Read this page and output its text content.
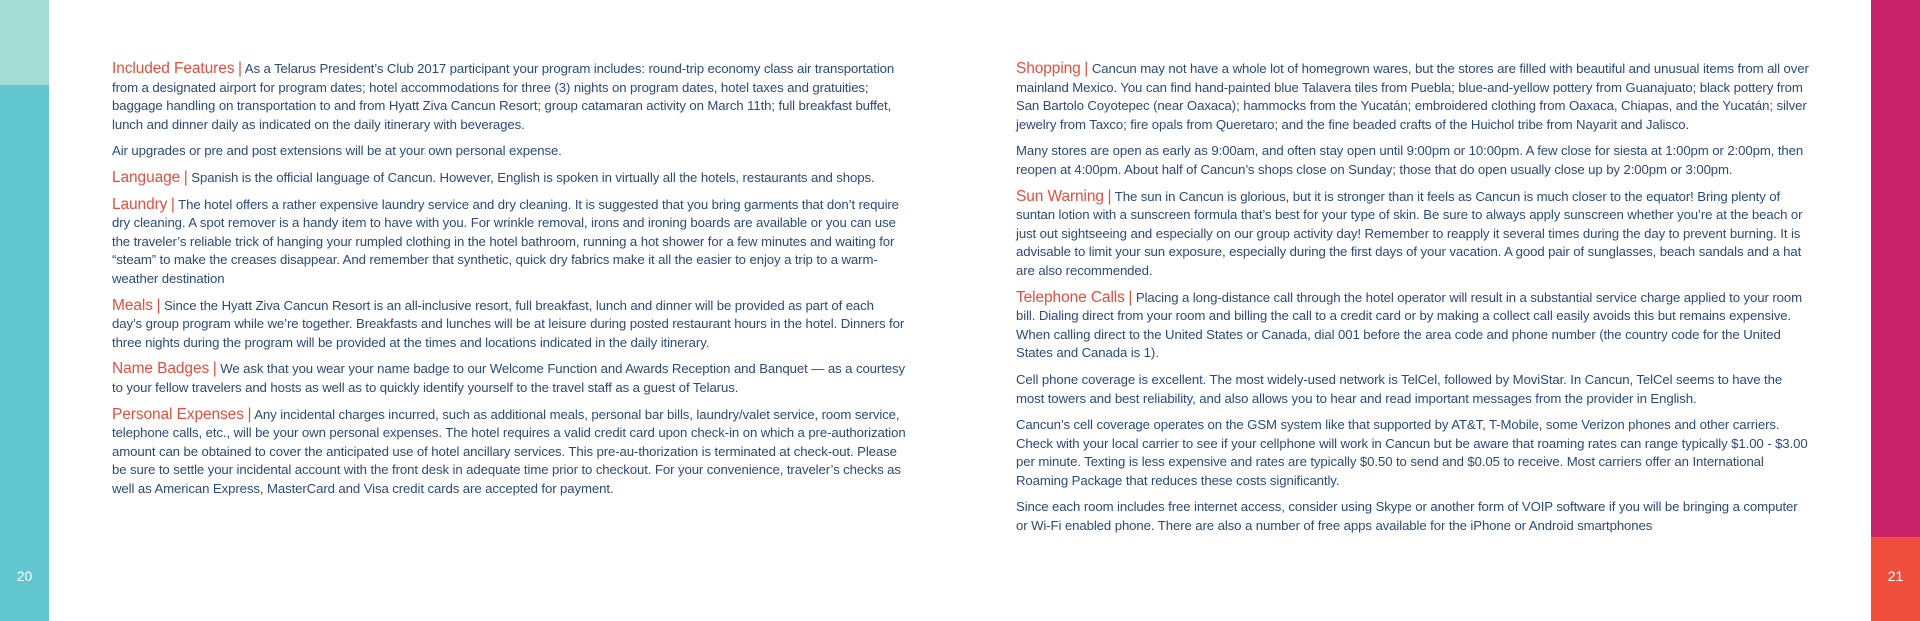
20	21

Included Features | As a Telarus President’s Club 2017 participant your program includes: round-trip economy class air transportation from a designated airport for program dates; hotel accommodations for three (3) nights on program dates, hotel taxes and gratuities; baggage handling on transportation to and from Hyatt Ziva Cancun Resort; group catamaran activity on March 11th; full breakfast buffet, lunch and dinner daily as indicated on the daily itinerary with beverages.

Air upgrades or pre and post extensions will be at your own personal expense.

Language | Spanish is the official language of Cancun. However, English is spoken in virtually all the hotels, restaurants and shops.

Laundry | The hotel offers a rather expensive laundry service and dry cleaning. It is suggested that you bring garments that don’t require dry cleaning. A spot remover is a handy item to have with you. For wrinkle removal, irons and ironing boards are available or you can use the traveler’s reliable trick of hanging your rumpled clothing in the hotel bathroom, running a hot shower for a few minutes and waiting for “steam” to make the creases disappear. And remember that synthetic, quick dry fabrics make it all the easier to enjoy a trip to a warm-weather destination

Meals | Since the Hyatt Ziva Cancun Resort is an all-inclusive resort, full breakfast, lunch and dinner will be provided as part of each day’s group program while we’re together. Breakfasts and lunches will be at leisure during posted restaurant hours in the hotel. Dinners for three nights during the program will be provided at the times and locations indicated in the daily itinerary.

Name Badges | We ask that you wear your name badge to our Welcome Function and Awards Reception and Banquet — as a courtesy to your fellow travelers and hosts as well as to quickly identify yourself to the travel staff as a guest of Telarus.

Personal Expenses | Any incidental charges incurred, such as additional meals, personal bar bills, laundry/valet service, room service, telephone calls, etc., will be your own personal expenses. The hotel requires a valid credit card upon check-in on which a pre-authorization amount can be obtained to cover the anticipated use of hotel ancillary services. This pre-au-thorization is terminated at check-out. Please be sure to settle your incidental account with the front desk in adequate time prior to checkout. For your convenience, traveler’s checks as well as American Express, MasterCard and Visa credit cards are accepted for payment.

Shopping | Cancun may not have a whole lot of homegrown wares, but the stores are filled with beautiful and unusual items from all over mainland Mexico. You can find hand-painted blue Talavera tiles from Puebla; blue-and-yellow pottery from Guanajuato; black pottery from San Bartolo Coyotepec (near Oaxaca); hammocks from the Yucatán; embroidered clothing from Oaxaca, Chiapas, and the Yucatán; silver jewelry from Taxco; fire opals from Queretaro; and the fine beaded crafts of the Huichol tribe from Nayarit and Jalisco.

Many stores are open as early as 9:00am, and often stay open until 9:00pm or 10:00pm. A few close for siesta at 1:00pm or 2:00pm, then reopen at 4:00pm. About half of Cancun’s shops close on Sunday; those that do open usually close up by 2:00pm or 3:00pm.

Sun Warning | The sun in Cancun is glorious, but it is stronger than it feels as Cancun is much closer to the equator! Bring plenty of suntan lotion with a sunscreen formula that’s best for your type of skin. Be sure to always apply sunscreen whether you’re at the beach or just out sightseeing and especially on our group activity day! Remember to reapply it several times during the day to prevent burning. It is advisable to limit your sun exposure, especially during the first days of your vacation. A good pair of sunglasses, beach sandals and a hat are also recommended.

Telephone Calls | Placing a long-distance call through the hotel operator will result in a substantial service charge applied to your room bill. Dialing direct from your room and billing the call to a credit card or by making a collect call easily avoids this but remains expensive. When calling direct to the United States or Canada, dial 001 before the area code and phone number (the country code for the United States and Canada is 1).

Cell phone coverage is excellent. The most widely-used network is TelCel, followed by MoviStar. In Cancun, TelCel seems to have the most towers and best reliability, and also allows you to hear and read important messages from the provider in English.

Cancun’s cell coverage operates on the GSM system like that supported by AT&T, T-Mobile, some Verizon phones and other carriers. Check with your local carrier to see if your cellphone will work in Cancun but be aware that roaming rates can range typically $1.00 - $3.00 per minute. Texting is less expensive and rates are typically $0.50 to send and $0.05 to receive. Most carriers offer an International Roaming Package that reduces these costs significantly.

Since each room includes free internet access, consider using Skype or another form of VOIP software if you will be bringing a computer or Wi-Fi enabled phone. There are also a number of free apps available for the iPhone or Android smartphones
